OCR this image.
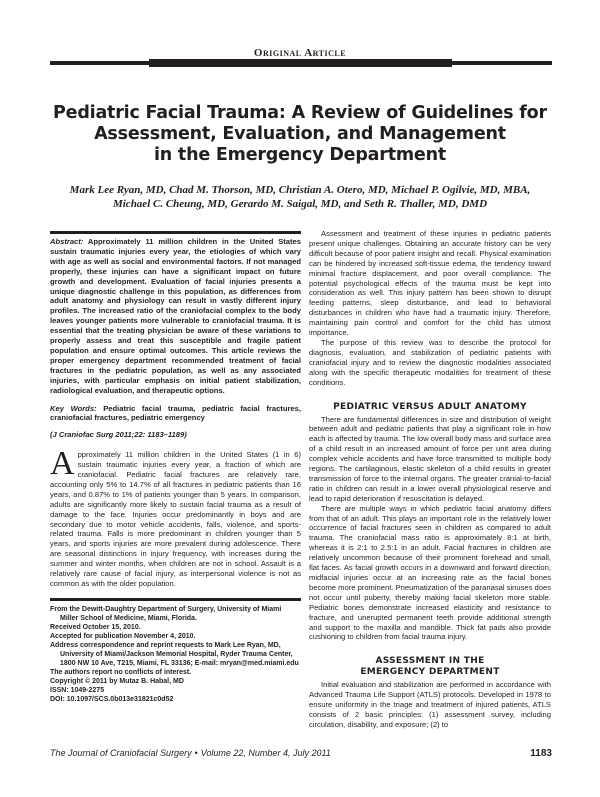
Original Article
Pediatric Facial Trauma: A Review of Guidelines for
Assessment, Evaluation, and Management
in the Emergency Department
Mark Lee Ryan, MD, Chad M. Thorson, MD, Christian A. Otero, MD, Michael P. Ogilvie, MD, MBA,
Michael C. Cheung, MD, Gerardo M. Saigal, MD, and Seth R. Thaller, MD, DMD
Abstract: Approximately 11 million children in the United States sustain traumatic injuries every year, the etiologies of which vary with age as well as social and environmental factors. If not managed properly, these injuries can have a significant impact on future growth and development. Evaluation of facial injuries presents a unique diagnostic challenge in this population, as differences from adult anatomy and physiology can result in vastly different injury profiles. The increased ratio of the craniofacial complex to the body leaves younger patients more vulnerable to craniofacial trauma. It is essential that the treating physician be aware of these variations to properly assess and treat this susceptible and fragile patient population and ensure optimal outcomes. This article reviews the proper emergency department recommended treatment of facial fractures in the pediatric population, as well as any associated injuries, with particular emphasis on initial patient stabilization, radiological evaluation, and therapeutic options.
Key Words: Pediatric facial trauma, pediatric facial fractures, craniofacial fractures, pediatric emergency
(J Craniofac Surg 2011;22: 1183–1189)
A pproximately 11 million children in the United States (1 in 6) sustain traumatic injuries every year, a fraction of which are craniofacial. Pediatric facial fractures are relatively rare, accounting only 5% to 14.7% of all fractures in pediatric patients than 16 years, and 0.87% to 1% of patients younger than 5 years. In comparison, adults are significantly more likely to sustain facial trauma as a result of damage to the face. Injuries occur predominantly in boys and are secondary due to motor vehicle accidents, falls, violence, and sports-related trauma. Falls is more predominant in children younger than 5 years, and sports injuries are more prevalent during adolescence. There are seasonal distinctions in injury frequency, with increases during the summer and winter months, when children are not in school. Assault is a relatively rare cause of facial injury, as interpersonal violence is not as common as with the older population.

From the Dewitt-Daughtry Department of Surgery, University of Miami Miller School of Medicine, Miami, Florida.

Received October 15, 2010.

Accepted for publication November 4, 2010.

Address correspondence and reprint requests to Mark Lee Ryan, MD, University of Miami/Jackson Memorial Hospital, Ryder Trauma Center, 1800 NW 10 Ave, T215, Miami, FL 33136; E-mail: mryan@med.miami.edu

The authors report no conflicts of interest.

Copyright © 2011 by Mutaz B. Habal, MD

ISSN: 1049-2275

DOI: 10.1097/SCS.0b013e31821c0d52

Assessment and treatment of these injuries in pediatric patients present unique challenges. Obtaining an accurate history can be very difficult because of poor patient insight and recall. Physical examination can be hindered by increased soft-tissue edema, the tendency toward minimal fracture displacement, and poor overall compliance. The potential psychological effects of the trauma must be kept into consideration as well. This injury pattern has been shown to disrupt feeding patterns, sleep disturbance, and lead to behavioral disturbances in children who have had a traumatic injury. Therefore, maintaining pain control and comfort for the child has utmost importance.

The purpose of this review was to describe the protocol for diagnosis, evaluation, and stabilization of pediatric patients with craniofacial injury and to review the diagnostic modalities associated along with the specific therapeutic modalities for treatment of these conditions.

PEDIATRIC VERSUS ADULT ANATOMY

There are fundamental differences in size and distribution of weight between adult and pediatric patients that play a significant role in how each is affected by trauma. The low overall body mass and surface area of a child result in an increased amount of force per unit area during complex vehicle accidents and have force transmitted to multiple body regions. The cartilaginous, elastic skeleton of a child results in greater transmission of force to the internal organs. The greater cranial-to-facial ratio in children can result in a lower overall physiological reserve and lead to rapid deterioration if resuscitation is delayed.

There are multiple ways in which pediatric facial anatomy differs from that of an adult. This plays an important role in the relatively lower occurrence of facial fractures seen in children as compared to adult trauma. The craniofacial mass ratio is approximately 8:1 at birth, whereas it is 2:1 to 2.5:1 in an adult. Facial fractures in children are relatively uncommon because of their prominent forehead and small, flat faces. As facial growth occurs in a downward and forward direction, midfacial injuries occur at an increasing rate as the facial bones become more prominent. Pneumatization of the paranasal sinuses does not occur until puberty, thereby making facial skeleton more stable. Pediatric bones demonstrate increased elasticity and resistance to fracture, and unerupted permanent teeth provide additional strength and support to the maxilla and mandible. Thick fat pads also provide cushioning to children from facial trauma injury.

ASSESSMENT IN THE
EMERGENCY DEPARTMENT

Initial evaluation and stabilization are performed in accordance with Advanced Trauma Life Support (ATLS) protocols. Developed in 1978 to ensure uniformity in the triage and treatment of injured patients, ATLS consists of 2 basic principles: (1) assessment survey, including circulation, disability, and exposure; (2) to

The Journal of Craniofacial Surgery • Volume 22, Number 4, July 2011	1183
